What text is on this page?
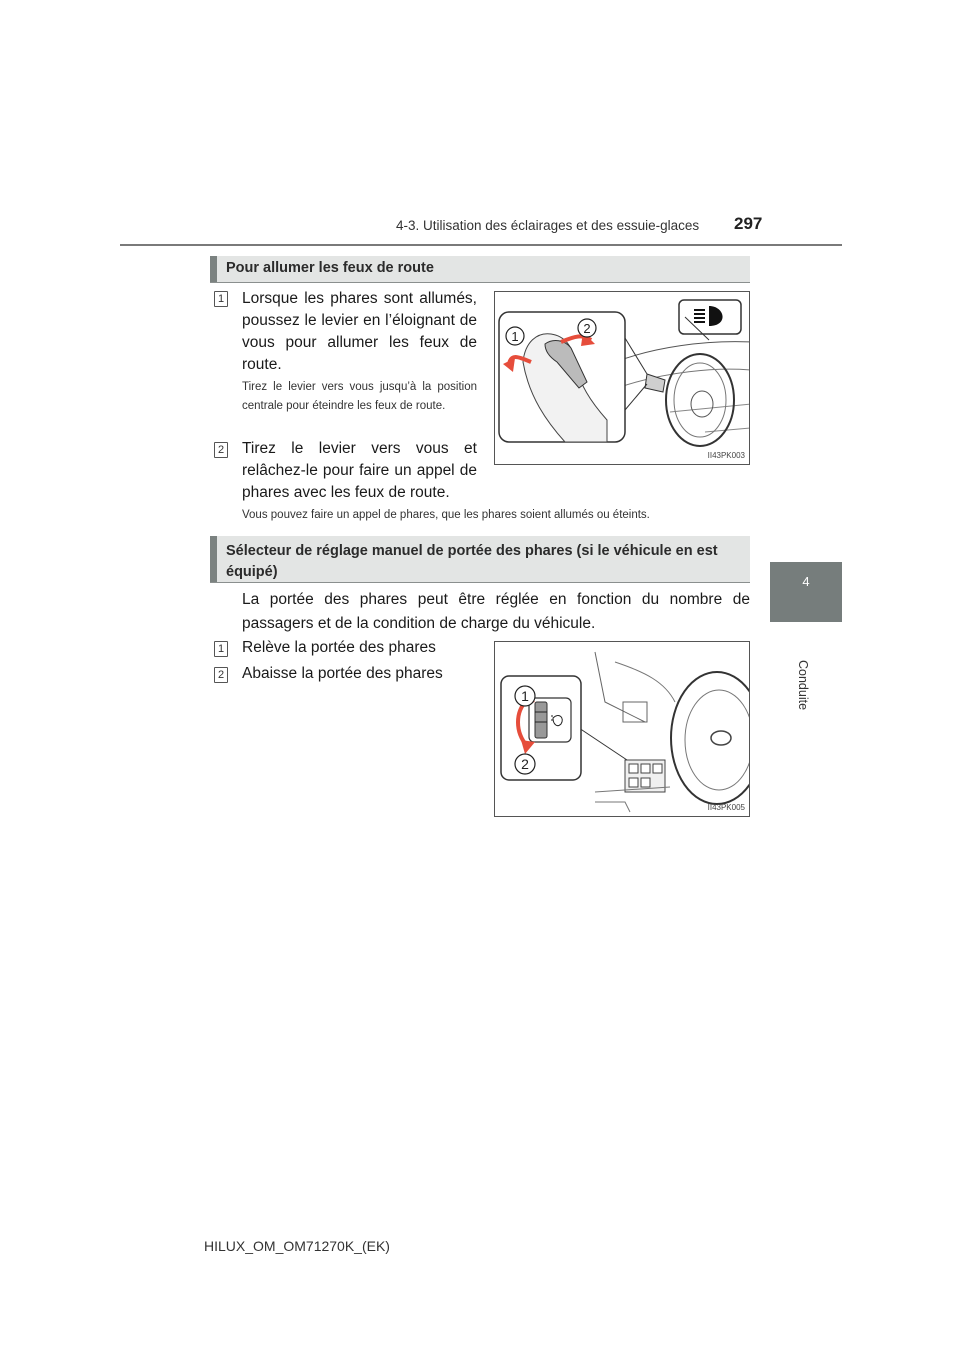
4-3. Utilisation des éclairages et des essuie-glaces 297
4
Conduite
Pour allumer les feux de route
1 Lorsque les phares sont allumés, poussez le levier en l’éloignant de vous pour allumer les feux de route.
Tirez le levier vers vous jusqu’à la position centrale pour éteindre les feux de route.
2 Tirez le levier vers vous et relâchez-le pour faire un appel de phares avec les feux de route.
Vous pouvez faire un appel de phares, que les phares soient allumés ou éteints.
1
2
II43PK003
Sélecteur de réglage manuel de portée des phares (si le véhicule en est équipé)
La portée des phares peut être réglée en fonction du nombre de passagers et de la condition de charge du véhicule.
1 Relève la portée des phares
2 Abaisse la portée des phares
1
2
II43PK005
HILUX_OM_OM71270K_(EK)
